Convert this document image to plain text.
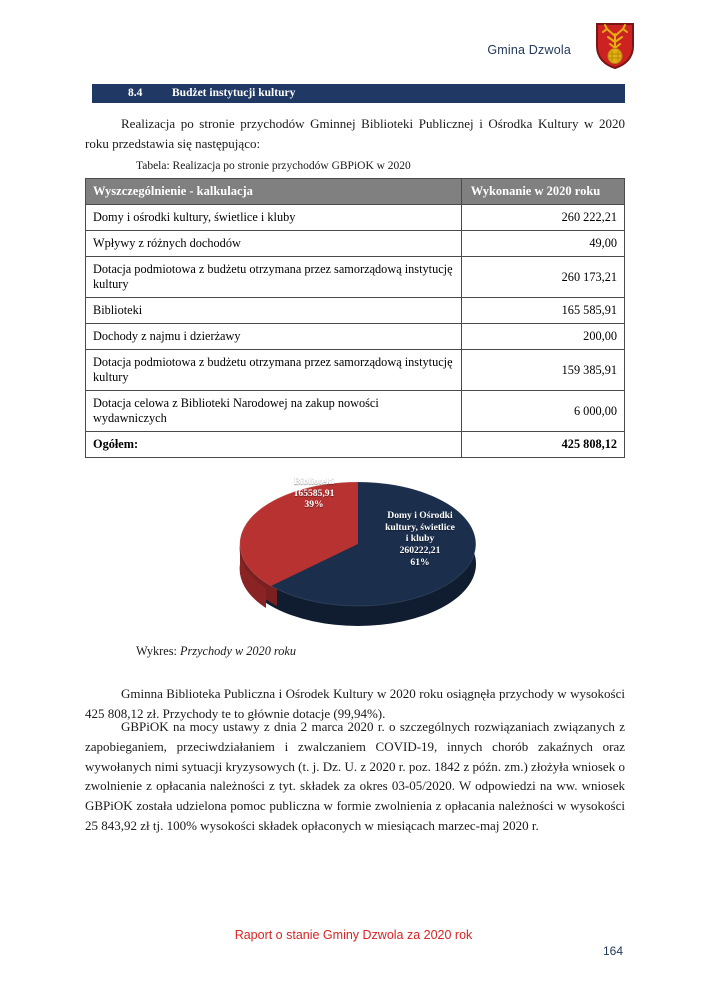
Gmina Dzwola
8.4	Budżet instytucji kultury
Realizacja po stronie przychodów Gminnej Biblioteki Publicznej i Ośrodka Kultury w 2020 roku przedstawia się następująco:
Tabela: Realizacja po stronie przychodów GBPiOK w 2020
Wyszczególnienie - kalkulacja	Wykonanie w 2020 roku
Domy i ośrodki kultury, świetlice i kluby	260 222,21
Wpływy z różnych dochodów	49,00
Dotacja podmiotowa z budżetu otrzymana przez samorządową instytucję kultury	260 173,21
Biblioteki	165 585,91
Dochody z najmu i dzierżawy	200,00
Dotacja podmiotowa z budżetu otrzymana przez samorządową instytucję kultury	159 385,91
Dotacja celowa z Biblioteki Narodowej na zakup nowości wydawniczych	6 000,00
Ogółem:	425 808,12
Biblioteki
165585,91
39%
Domy i Ośrodki
kultury, świetlice
i kluby
260222,21
61%
Wykres: Przychody w 2020 roku
Gminna Biblioteka Publiczna i Ośrodek Kultury w 2020 roku osiągnęła przychody w wysokości 425 808,12 zł. Przychody te to głównie dotacje (99,94%).
GBPiOK na mocy ustawy z dnia 2 marca 2020 r. o szczególnych rozwiązaniach związanych z zapobieganiem, przeciwdziałaniem i zwalczaniem COVID-19, innych chorób zakaźnych oraz wywołanych nimi sytuacji kryzysowych (t. j. Dz. U. z 2020 r. poz. 1842 z późn. zm.) złożyła wniosek o zwolnienie z opłacania należności z tyt. składek za okres 03-05/2020. W odpowiedzi na ww. wniosek GBPiOK została udzielona pomoc publiczna w formie zwolnienia z opłacania należności w wysokości 25 843,92 zł tj. 100% wysokości składek opłaconych w miesiącach marzec-maj 2020 r.
Raport o stanie Gminy Dzwola za 2020 rok
164
